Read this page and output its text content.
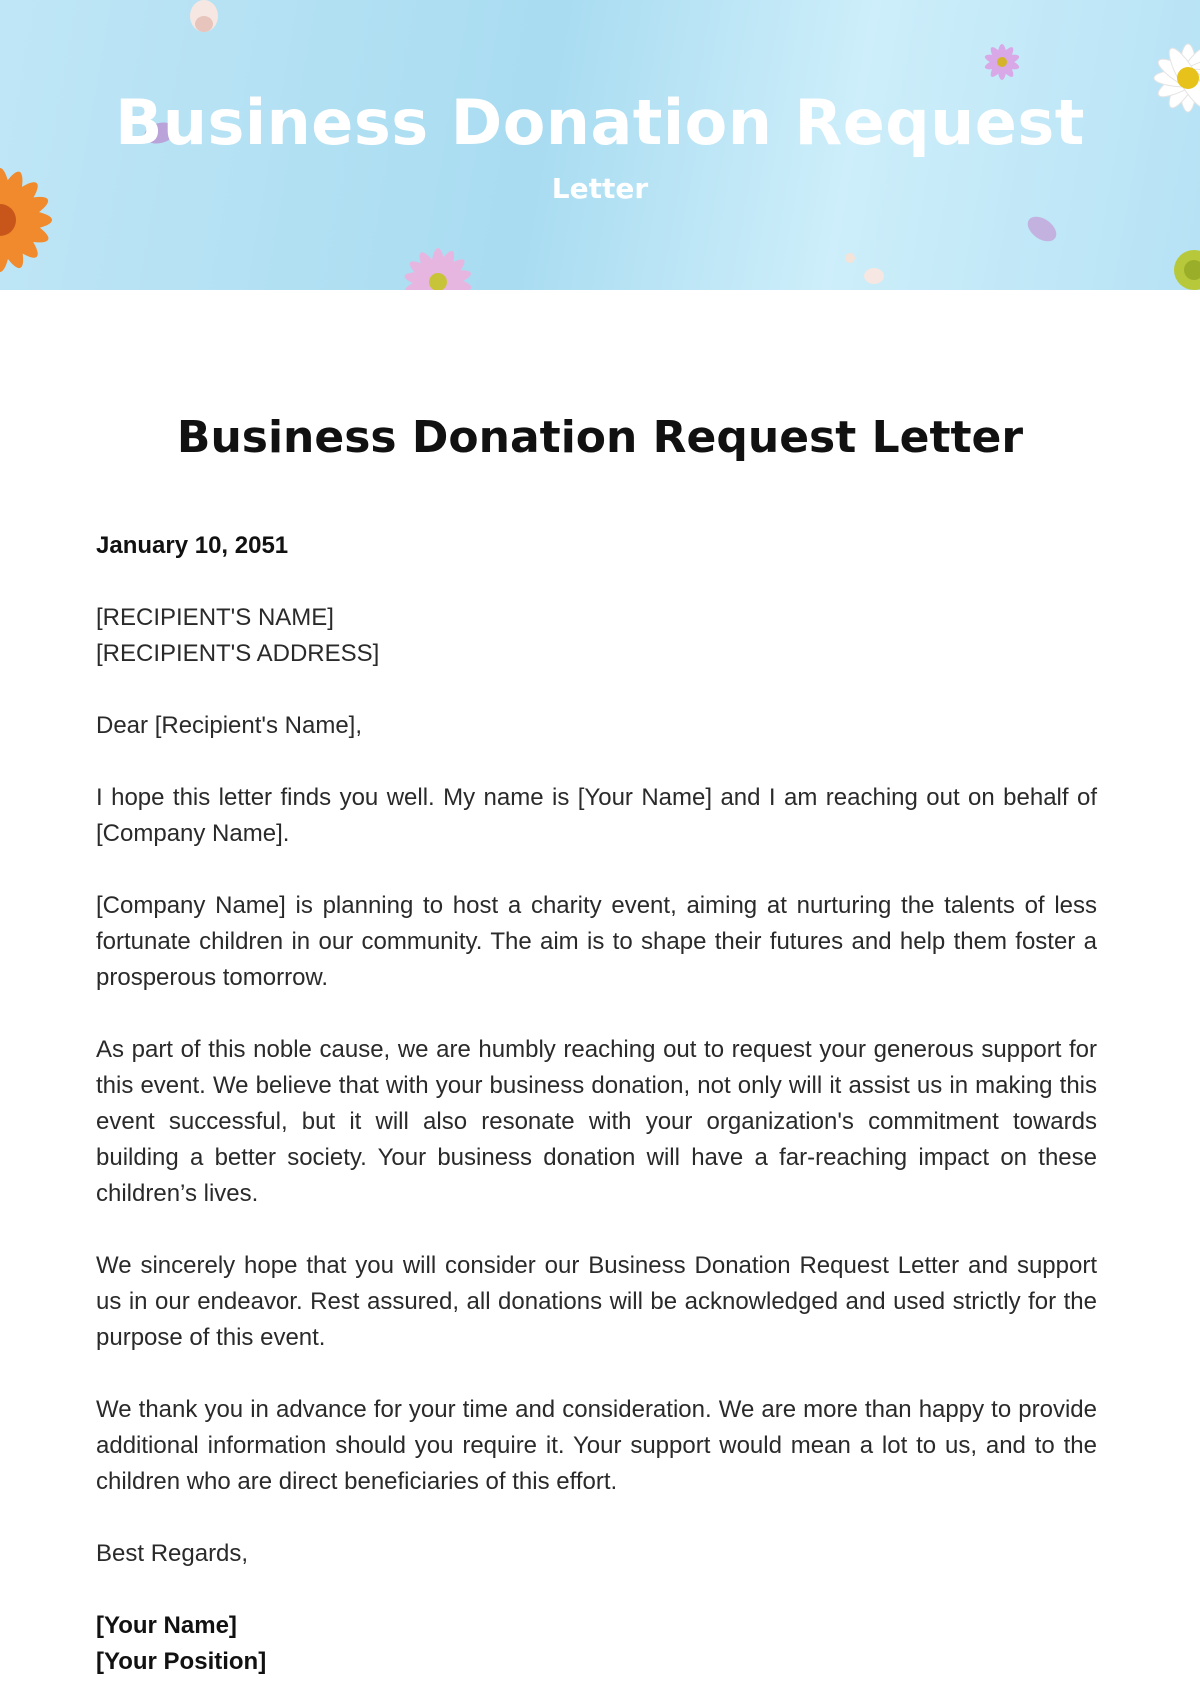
Business Donation Request
Letter
Business Donation Request Letter

January 10, 2051

[RECIPIENT'S NAME]
[RECIPIENT'S ADDRESS]

Dear [Recipient's Name],

I hope this letter finds you well. My name is [Your Name] and I am reaching out on behalf of [Company Name].

[Company Name] is planning to host a charity event, aiming at nurturing the talents of less fortunate children in our community. The aim is to shape their futures and help them foster a prosperous tomorrow.

As part of this noble cause, we are humbly reaching out to request your generous support for this event. We believe that with your business donation, not only will it assist us in making this event successful, but it will also resonate with your organization's commitment towards building a better society. Your business donation will have a far-reaching impact on these children’s lives.

We sincerely hope that you will consider our Business Donation Request Letter and support us in our endeavor. Rest assured, all donations will be acknowledged and used strictly for the purpose of this event.

We thank you in advance for your time and consideration. We are more than happy to provide additional information should you require it. Your support would mean a lot to us, and to the children who are direct beneficiaries of this effort.

Best Regards,

[Your Name]
[Your Position]
